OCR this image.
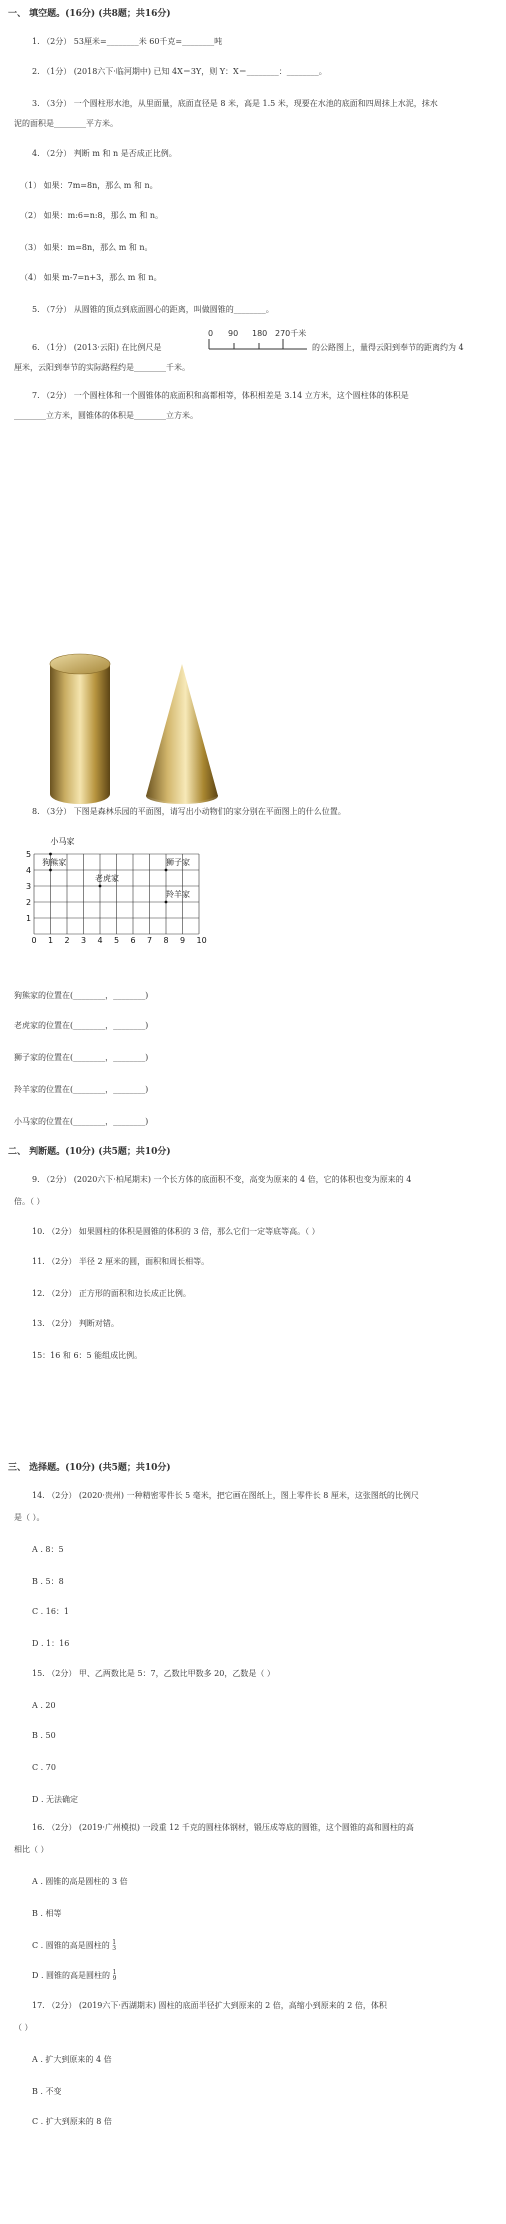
一、 填空题。(16分) (共8题；共16分)
1. （2分） 53厘米=________米 60千克=________吨
2. （1分） (2018六下·临河期中) 已知 4X＝3Y，则 Y：X＝________：________。
3. （3分） 一个圆柱形水池，从里面量，底面直径是 8 米，高是 1.5 米，现要在水池的底面和四周抹上水泥，抹水
泥的面积是________平方米。
4. （2分） 判断 m 和 n 是否成正比例。
（1） 如果：7m=8n，那么 m 和 n。
（2） 如果：m:6=n:8，那么 m 和 n。
（3） 如果：m=8n，那么 m 和 n。
（4） 如果 m-7=n+3，那么 m 和 n。
5. （7分） 从圆锥的顶点到底面圆心的距离，叫做圆锥的________。
6. （1分） (2013·云阳) 在比例尺是
0 90 180 270千米
的公路图上，量得云阳到奉节的距离约为 4
厘米，云阳到奉节的实际路程约是________千米。
7. （2分） 一个圆柱体和一个圆锥体的底面积和高都相等，体积相差是 3.14 立方米，这个圆柱体的体积是
________立方米，圆锥体的体积是________立方米。
8. （3分） 下图是森林乐园的平面图，请写出小动物们的家分别在平面图上的什么位置。
0 1 2 3 4 5 6 7 8 9 10
1
2
3
4
5
狗熊家
老虎家
狮子家
羚羊家
小马家
狗熊家的位置在(________，________)
老虎家的位置在(________，________)
狮子家的位置在(________，________)
羚羊家的位置在(________，________)
小马家的位置在(________，________)
二、 判断题。(10分) (共5题；共10分)
9. （2分） (2020六下·柏尾期末) 一个长方体的底面积不变，高变为原来的 4 倍，它的体积也变为原来的 4
倍。（ ）
10. （2分） 如果圆柱的体积是圆锥的体积的 3 倍，那么它们一定等底等高。（ ）
11. （2分） 半径 2 厘米的圆，面积和周长相等。
12. （2分） 正方形的面积和边长成正比例。
13. （2分） 判断对错。
15：16 和 6：5 能组成比例。
三、 选择题。(10分) (共5题；共10分)
14. （2分） (2020·贵州) 一种精密零件长 5 毫米，把它画在图纸上，图上零件长 8 厘米，这张图纸的比例尺
是（ ）。
A . 8：5
B . 5：8
C . 16：1
D . 1：16
15. （2分） 甲、乙两数比是 5：7，乙数比甲数多 20，乙数是（ ）
A . 20
B . 50
C . 70
D . 无法确定
16. （2分） (2019·广州模拟) 一段重 12 千克的圆柱体钢材，锻压成等底的圆锥，这个圆锥的高和圆柱的高
相比（ ）
A . 圆锥的高是圆柱的 3 倍
B . 相等
C . 圆锥的高是圆柱的 1
3
D . 圆锥的高是圆柱的 1
9
17. （2分） (2019六下·西湖期末) 圆柱的底面半径扩大到原来的 2 倍，高缩小到原来的 2 倍，体积
（ ）
A . 扩大到原来的 4 倍
B . 不变
C . 扩大到原来的 8 倍
